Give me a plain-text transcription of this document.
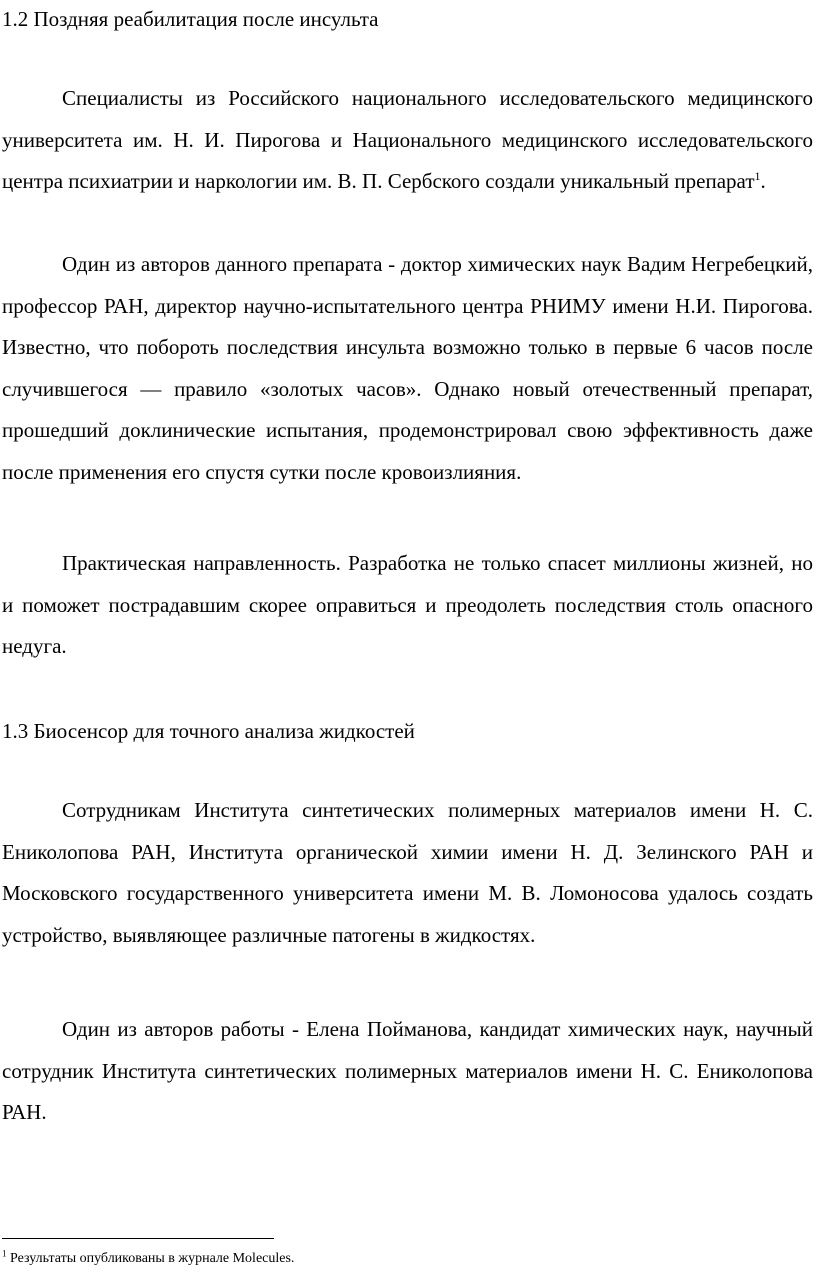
1.2 Поздняя реабилитация после инсульта

Специалисты из Российского национального исследовательского медицинского университета им. Н. И. Пирогова и Национального медицинского исследовательского центра психиатрии и наркологии им. В. П. Сербского создали уникальный препарат$^1$.

Один из авторов данного препарата - доктор химических наук Вадим Негребецкий, профессор РАН, директор научно-испытательного центра РНИМУ имени Н.И. Пирогова. Известно, что побороть последствия инсульта возможно только в первые 6 часов после случившегося — правило «золотых часов». Однако новый отечественный препарат, прошедший доклинические испытания, продемонстрировал свою эффективность даже после применения его спустя сутки после кровоизлияния.

Практическая направленность. Разработка не только спасет миллионы жизней, но и поможет пострадавшим скорее оправиться и преодолеть последствия столь опасного недуга.

1.3 Биосенсор для точного анализа жидкостей

Сотрудникам Института синтетических полимерных материалов имени Н. С. Ениколопова РАН, Института органической химии имени Н. Д. Зелинского РАН и Московского государственного университета имени М. В. Ломоносова удалось создать устройство, выявляющее различные патогены в жидкостях.

Один из авторов работы - Елена Пойманова, кандидат химических наук, научный сотрудник Института синтетических полимерных материалов имени Н. С. Ениколопова РАН.

$^1$ Результаты опубликованы в журнале Molecules.
